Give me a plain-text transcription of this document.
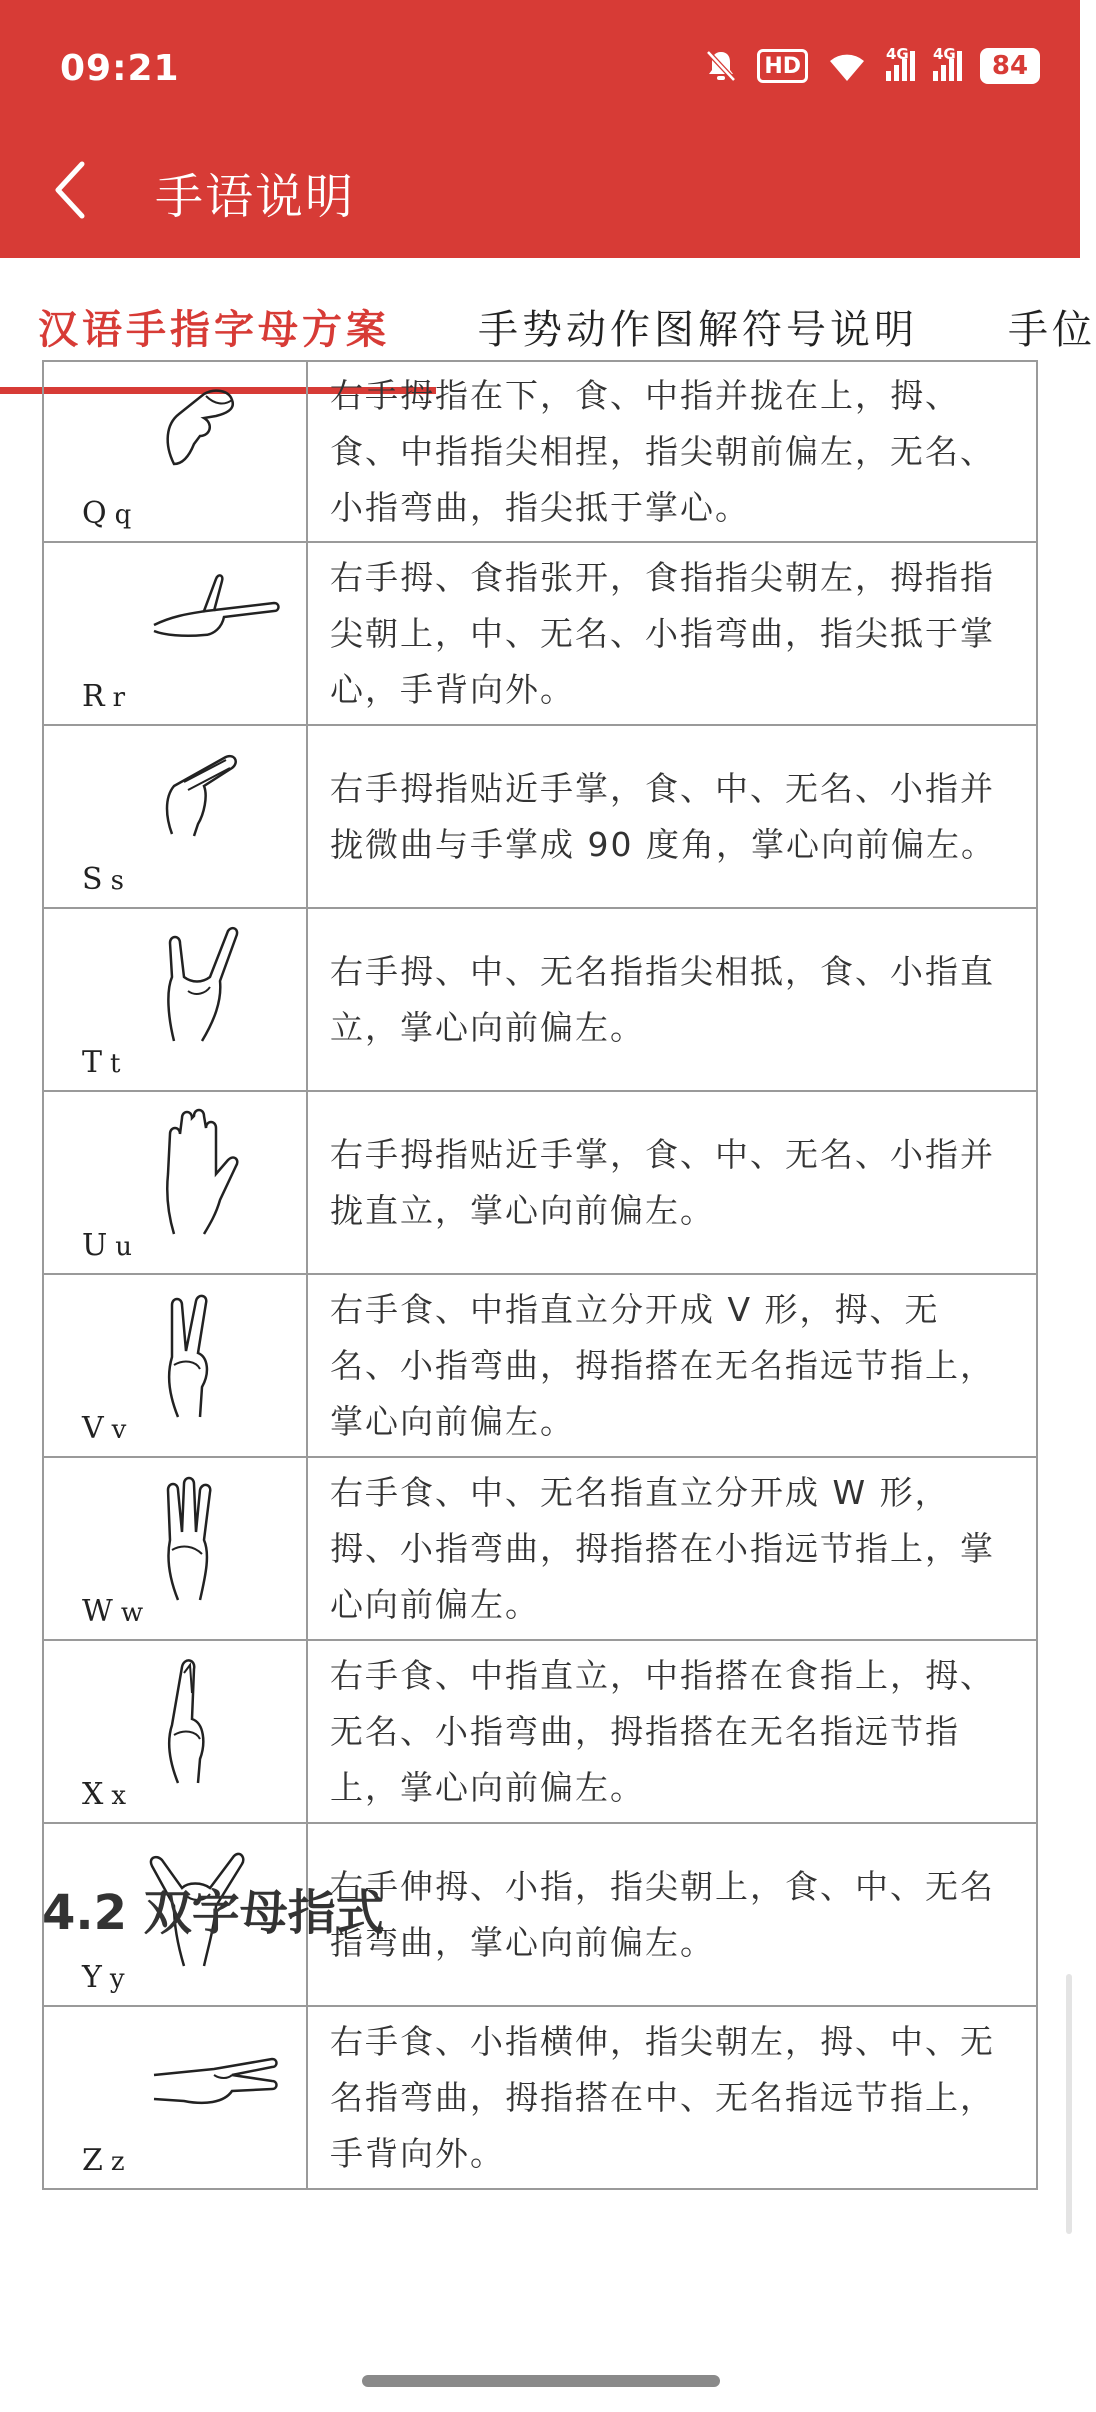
09:21	HD	4G 4G	84
手语说明
汉语手指字母方案 手势动作图解符号说明 手位
Q q	右手拇指在下，食、中指并拢在上，拇、食、中指指尖相捏，指尖朝前偏左，无名、小指弯曲，指尖抵于掌心。

R r	右手拇、食指张开，食指指尖朝左，拇指指尖朝上，中、无名、小指弯曲，指尖抵于掌心，手背向外。

S s	右手拇指贴近手掌，食、中、无名、小指并拢微曲与手掌成 90 度角，掌心向前偏左。

T t	右手拇、中、无名指指尖相抵，食、小指直立，掌心向前偏左。

U u	右手拇指贴近手掌，食、中、无名、小指并拢直立，掌心向前偏左。

V v	右手食、中指直立分开成 V 形，拇、无名、小指弯曲，拇指搭在无名指远节指上，掌心向前偏左。

W w	右手食、中、无名指直立分开成 W 形，拇、小指弯曲，拇指搭在小指远节指上，掌心向前偏左。

X x	右手食、中指直立，中指搭在食指上，拇、无名、小指弯曲，拇指搭在无名指远节指上，掌心向前偏左。

Y y	右手伸拇、小指，指尖朝上，食、中、无名指弯曲，掌心向前偏左。

Z z	右手食、小指横伸，指尖朝左，拇、中、无名指弯曲，拇指搭在中、无名指远节指上，手背向外。
4.2 双字母指式
